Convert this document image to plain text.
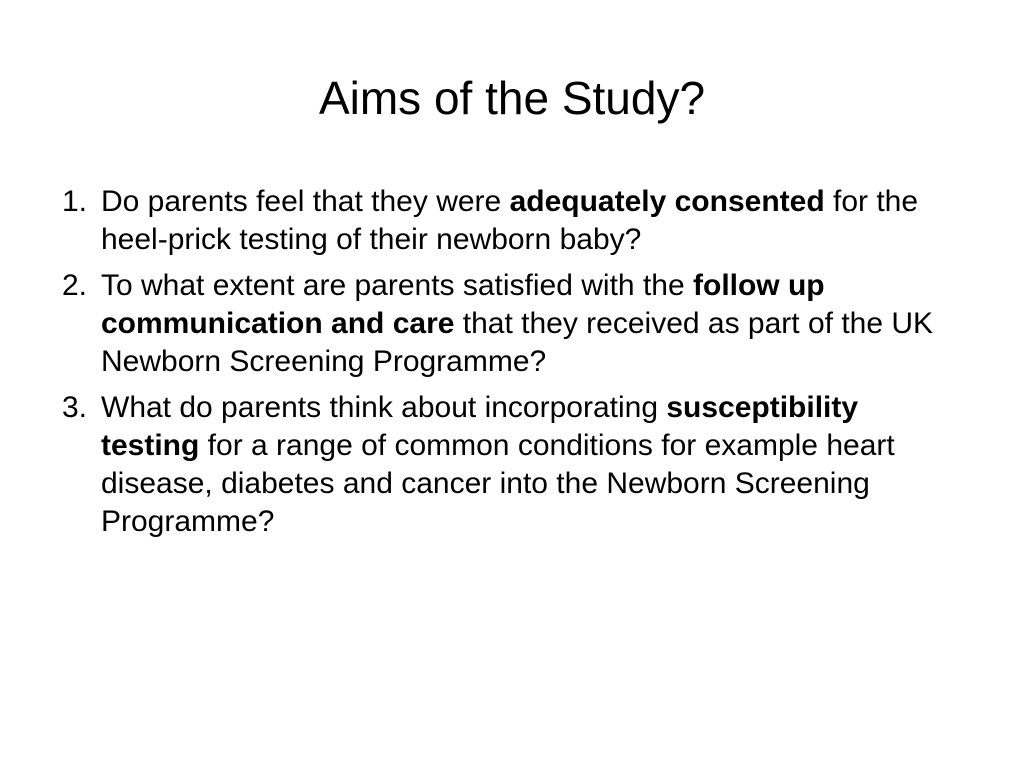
Aims of the Study?
1. Do parents feel that they were adequately consented for the heel-prick testing of their newborn baby?
2. To what extent are parents satisfied with the follow up communication and care that they received as part of the UK Newborn Screening Programme?
3. What do parents think about incorporating susceptibility testing for a range of common conditions for example heart disease, diabetes and cancer into the Newborn Screening Programme?
